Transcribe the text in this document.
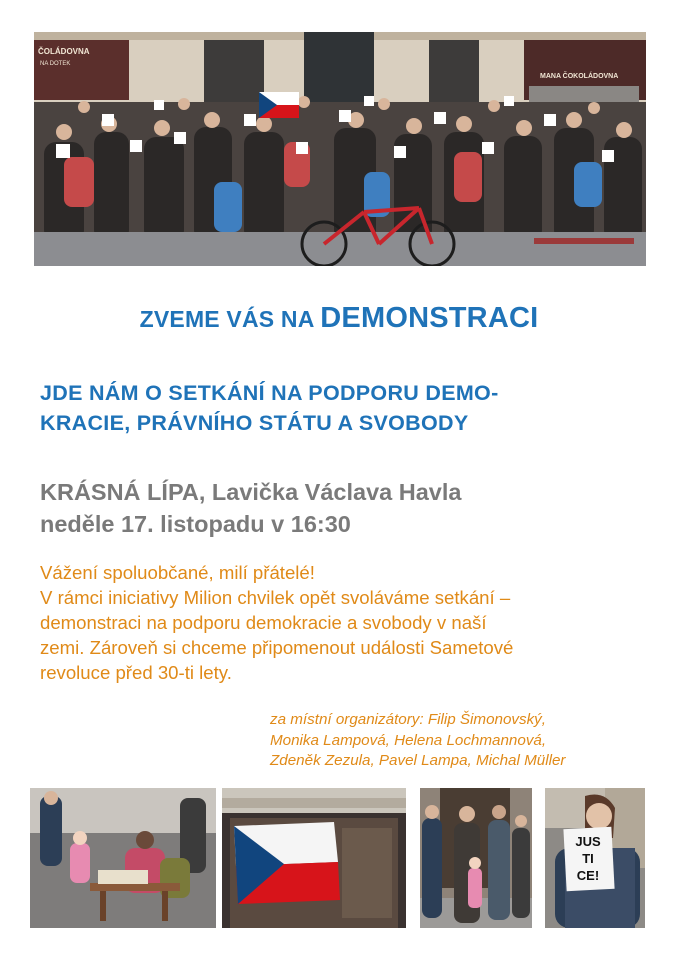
ČOLÁDOVNA
NA DOTEK
MANA ČOKOLÁDOVNA
ZVEME VÁS NA DEMONSTRACI
JDE NÁM O SETKÁNÍ NA PODPORU DEMO-
KRACIE, PRÁVNÍHO STÁTU A SVOBODY
KRÁSNÁ LÍPA, Lavička Václava Havla
neděle 17. listopadu v 16:30
Vážení spoluobčané, milí přátelé!
V rámci iniciativy Milion chvilek opět svoláváme setkání –
demonstraci na podporu demokracie a svobody v naší
zemi. Zároveň si chceme připomenout události Sametové
revoluce před 30-ti lety.
za místní organizátory: Filip Šimonovský,
Monika Lampová, Helena Lochmannová,
Zdeněk Zezula, Pavel Lampa, Michal Müller
JUS
TI
CE!
